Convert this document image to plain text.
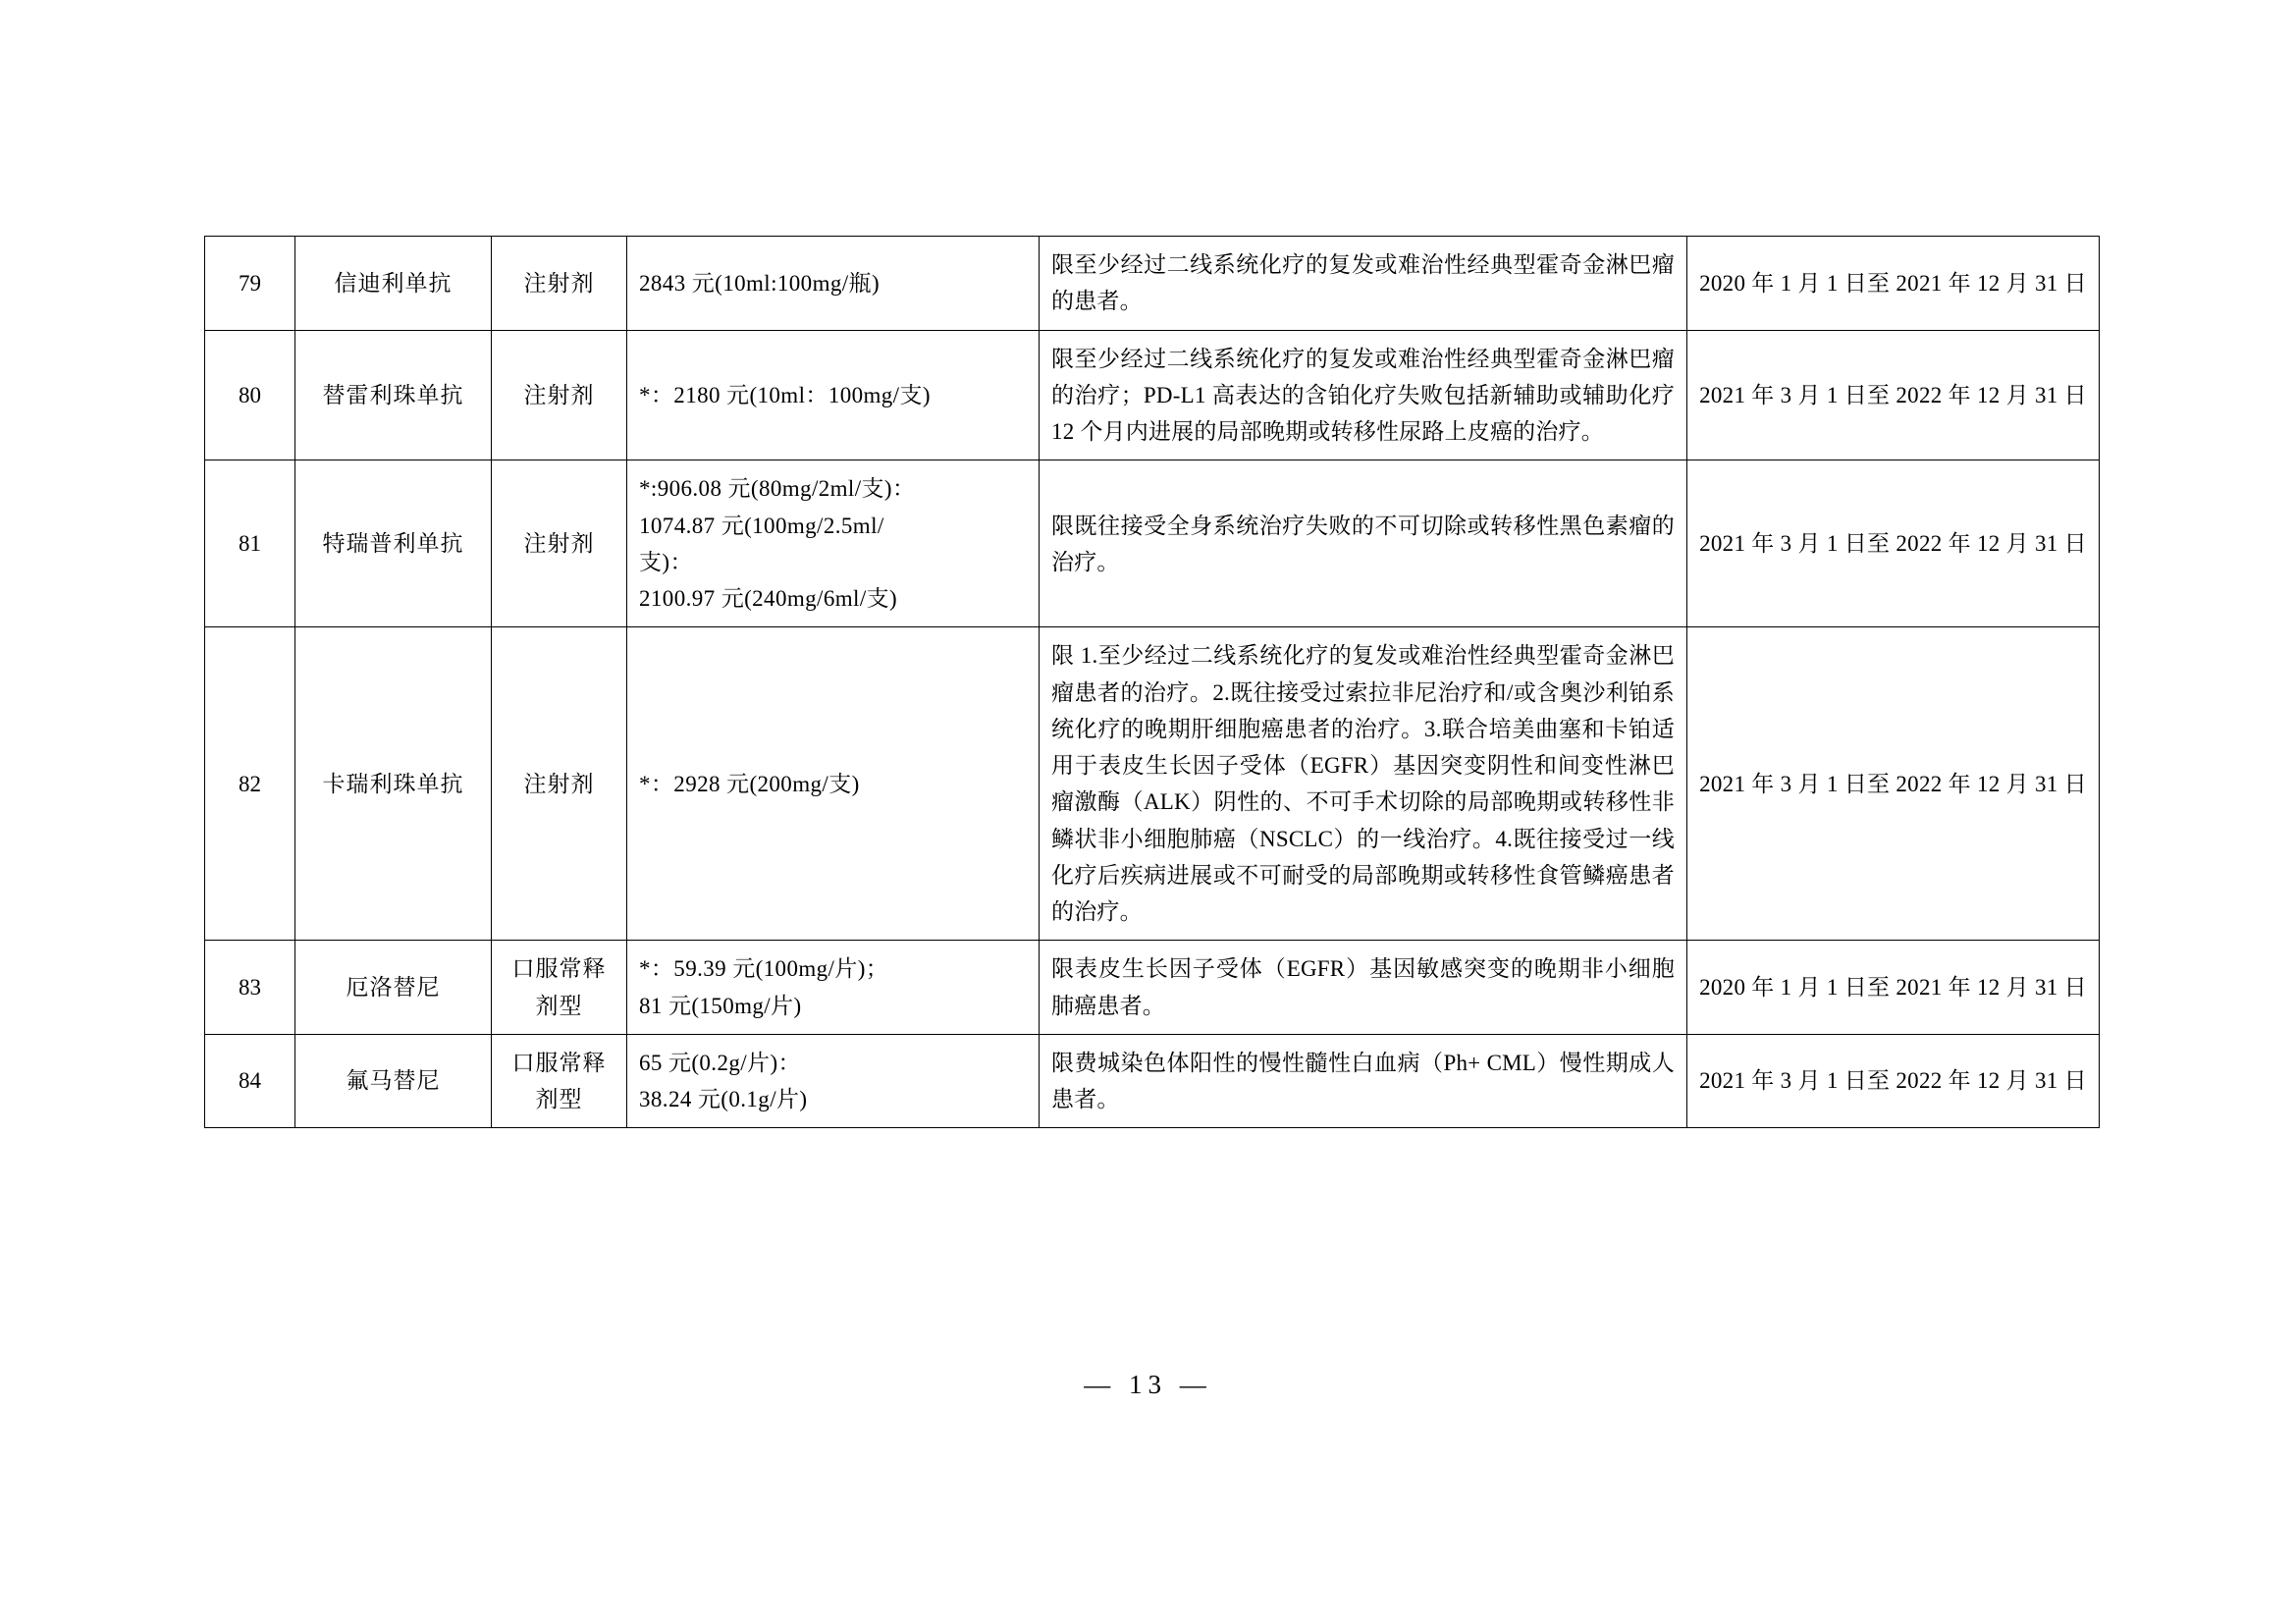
79	信迪利单抗	注射剂	2843 元(10ml:100mg/瓶)	限至少经过二线系统化疗的复发或难治性经典型霍奇金淋巴瘤的患者。	2020 年 1 月 1 日至 2021 年 12 月 31 日
80	替雷利珠单抗	注射剂	*：2180 元(10ml：100mg/支)	限至少经过二线系统化疗的复发或难治性经典型霍奇金淋巴瘤的治疗；PD-L1 高表达的含铂化疗失败包括新辅助或辅助化疗 12 个月内进展的局部晚期或转移性尿路上皮癌的治疗。	2021 年 3 月 1 日至 2022 年 12 月 31 日
81	特瑞普利单抗	注射剂	*:906.08 元(80mg/2ml/支)：
1074.87 元(100mg/2.5ml/
支)：
2100.97 元(240mg/6ml/支)	限既往接受全身系统治疗失败的不可切除或转移性黑色素瘤的治疗。	2021 年 3 月 1 日至 2022 年 12 月 31 日
82	卡瑞利珠单抗	注射剂	*：2928 元(200mg/支)	限 1.至少经过二线系统化疗的复发或难治性经典型霍奇金淋巴瘤患者的治疗。2.既往接受过索拉非尼治疗和/或含奥沙利铂系统化疗的晚期肝细胞癌患者的治疗。3.联合培美曲塞和卡铂适用于表皮生长因子受体（EGFR）基因突变阴性和间变性淋巴瘤激酶（ALK）阴性的、不可手术切除的局部晚期或转移性非鳞状非小细胞肺癌（NSCLC）的一线治疗。4.既往接受过一线化疗后疾病进展或不可耐受的局部晚期或转移性食管鳞癌患者的治疗。	2021 年 3 月 1 日至 2022 年 12 月 31 日
83	厄洛替尼	口服常释剂型	*：59.39 元(100mg/片)；
81 元(150mg/片)	限表皮生长因子受体（EGFR）基因敏感突变的晚期非小细胞肺癌患者。	2020 年 1 月 1 日至 2021 年 12 月 31 日
84	氟马替尼	口服常释剂型	65 元(0.2g/片)：
38.24 元(0.1g/片)	限费城染色体阳性的慢性髓性白血病（Ph+ CML）慢性期成人患者。	2021 年 3 月 1 日至 2022 年 12 月 31 日
— 13 —
